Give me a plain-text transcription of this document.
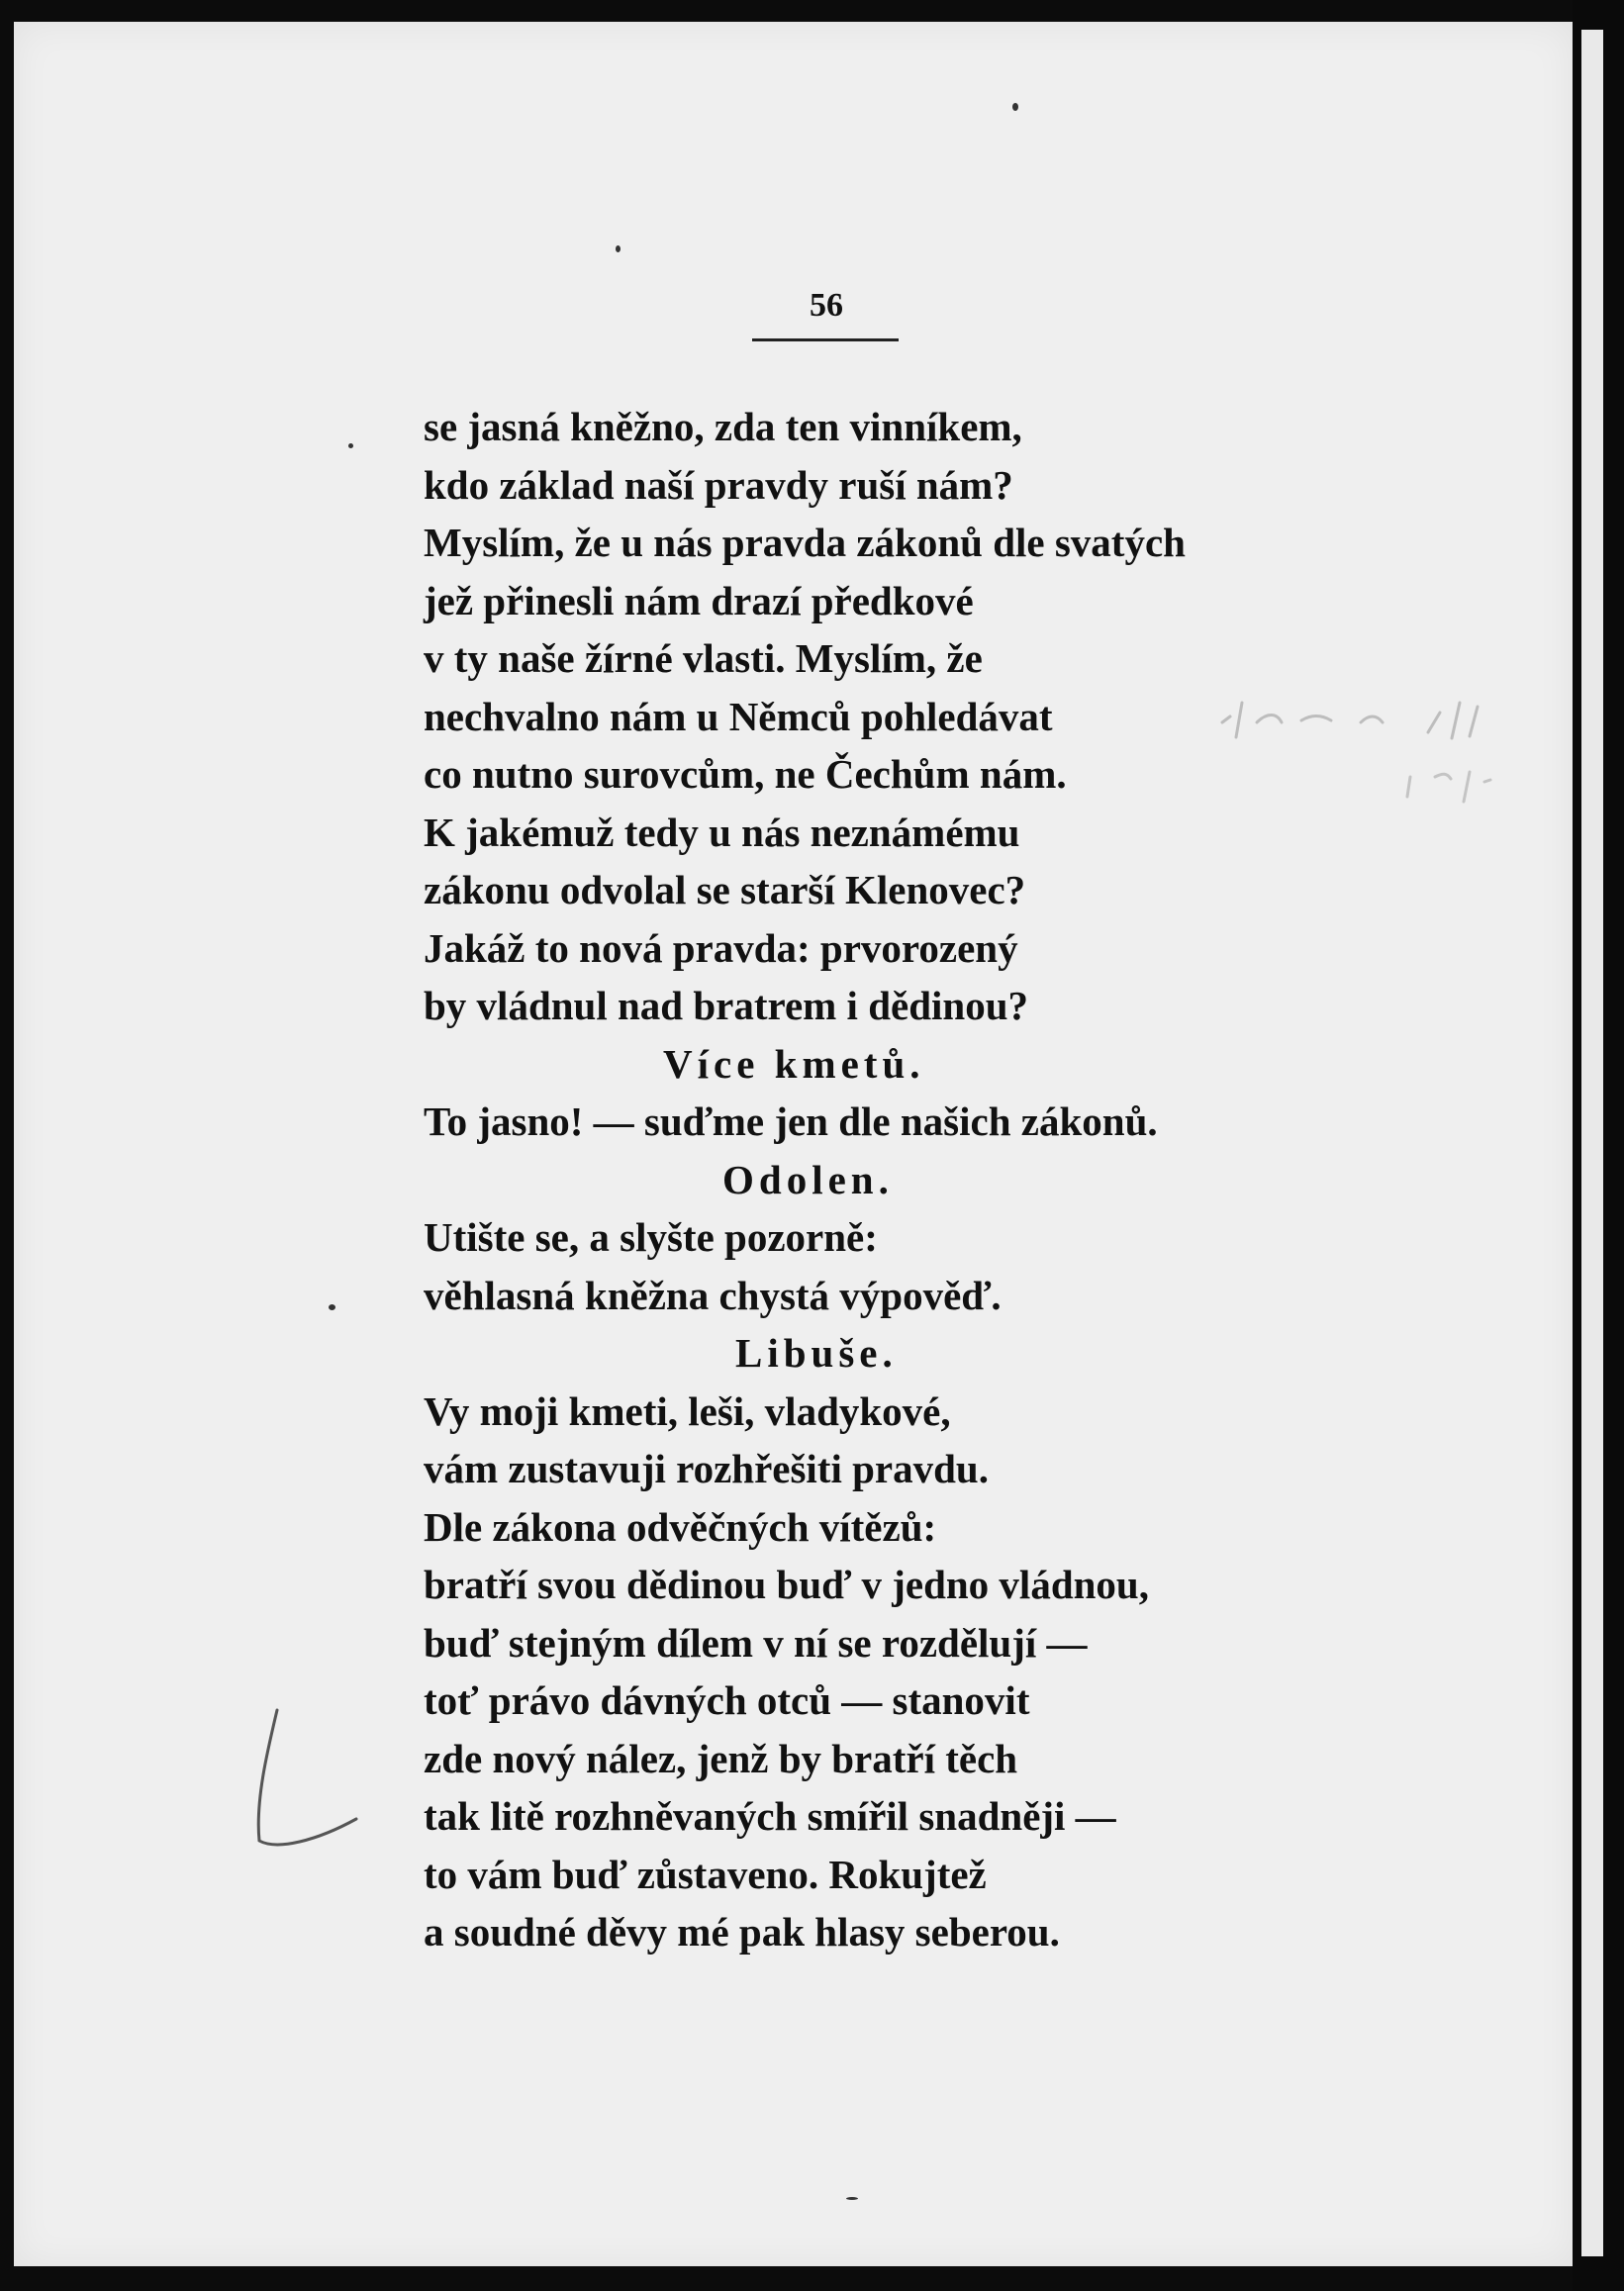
56
se jasná kněžno, zda ten vinníkem,
kdo základ naší pravdy ruší nám?
Myslím, že u nás pravda zákonů dle svatých
jež přinesli nám drazí předkové
v ty naše žírné vlasti. Myslím, že
nechvalno nám u Němců pohledávat
co nutno surovcům, ne Čechům nám.
K jakémuž tedy u nás neznámému
zákonu odvolal se starší Klenovec?
Jakáž to nová pravda: prvorozený
by vládnul nad bratrem i dědinou?
Více kmetů.
To jasno! — suďme jen dle našich zákonů.
Odolen.
Utište se, a slyšte pozorně:
věhlasná kněžna chystá výpověď.
Libuše.
Vy moji kmeti, leši, vladykové,
vám zustavuji rozhřešiti pravdu.
Dle zákona odvěčných vítězů:
bratří svou dědinou buď v jedno vládnou,
buď stejným dílem v ní se rozdělují —
toť právo dávných otců — stanovit
zde nový nález, jenž by bratří těch
tak litě rozhněvaných smířil snadněji —
to vám buď zůstaveno. Rokujtež
a soudné děvy mé pak hlasy seberou.
